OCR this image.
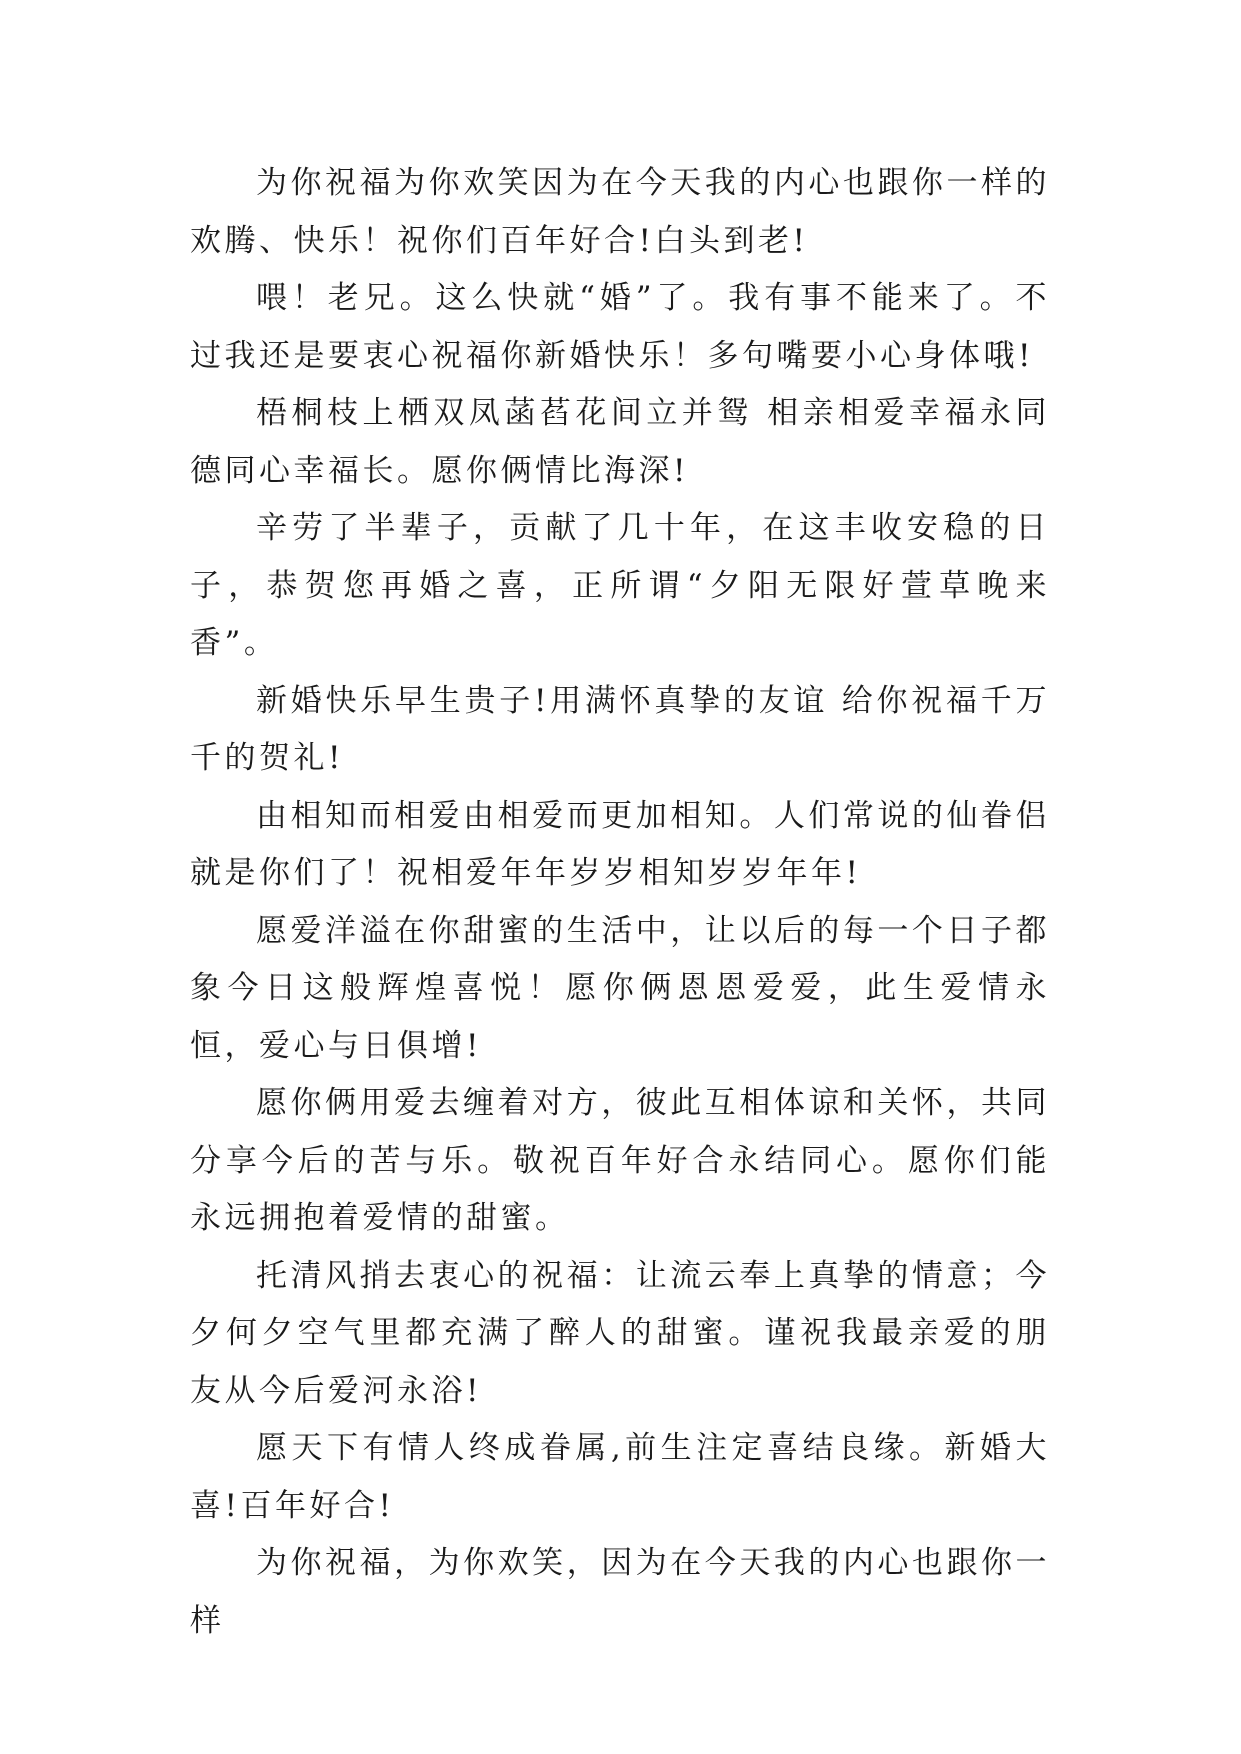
为你祝福为你欢笑因为在今天我的内心也跟你一样的欢腾、快乐！祝你们百年好合!白头到老!

喂！老兄。这么快就“婚”了。我有事不能来了。不过我还是要衷心祝福你新婚快乐！多句嘴要小心身体哦!

梧桐枝上栖双凤菡萏花间立并鸳 相亲相爱幸福永同德同心幸福长。愿你俩情比海深!

辛劳了半辈子，贡献了几十年，在这丰收安稳的日子，恭贺您再婚之喜，正所谓“夕阳无限好萱草晚来香”。

新婚快乐早生贵子!用满怀真挚的友谊 给你祝福千万千的贺礼!

由相知而相爱由相爱而更加相知。人们常说的仙眷侣就是你们了！祝相爱年年岁岁相知岁岁年年!

愿爱洋溢在你甜蜜的生活中，让以后的每一个日子都象今日这般辉煌喜悦！愿你俩恩恩爱爱，此生爱情永恒，爱心与日俱增!

愿你俩用爱去缠着对方，彼此互相体谅和关怀，共同分享今后的苦与乐。敬祝百年好合永结同心。愿你们能永远拥抱着爱情的甜蜜。

托清风捎去衷心的祝福：让流云奉上真挚的情意；今夕何夕空气里都充满了醉人的甜蜜。谨祝我最亲爱的朋友从今后爱河永浴!

愿天下有情人终成眷属,前生注定喜结良缘。新婚大喜!百年好合!

为你祝福，为你欢笑，因为在今天我的内心也跟你一样
